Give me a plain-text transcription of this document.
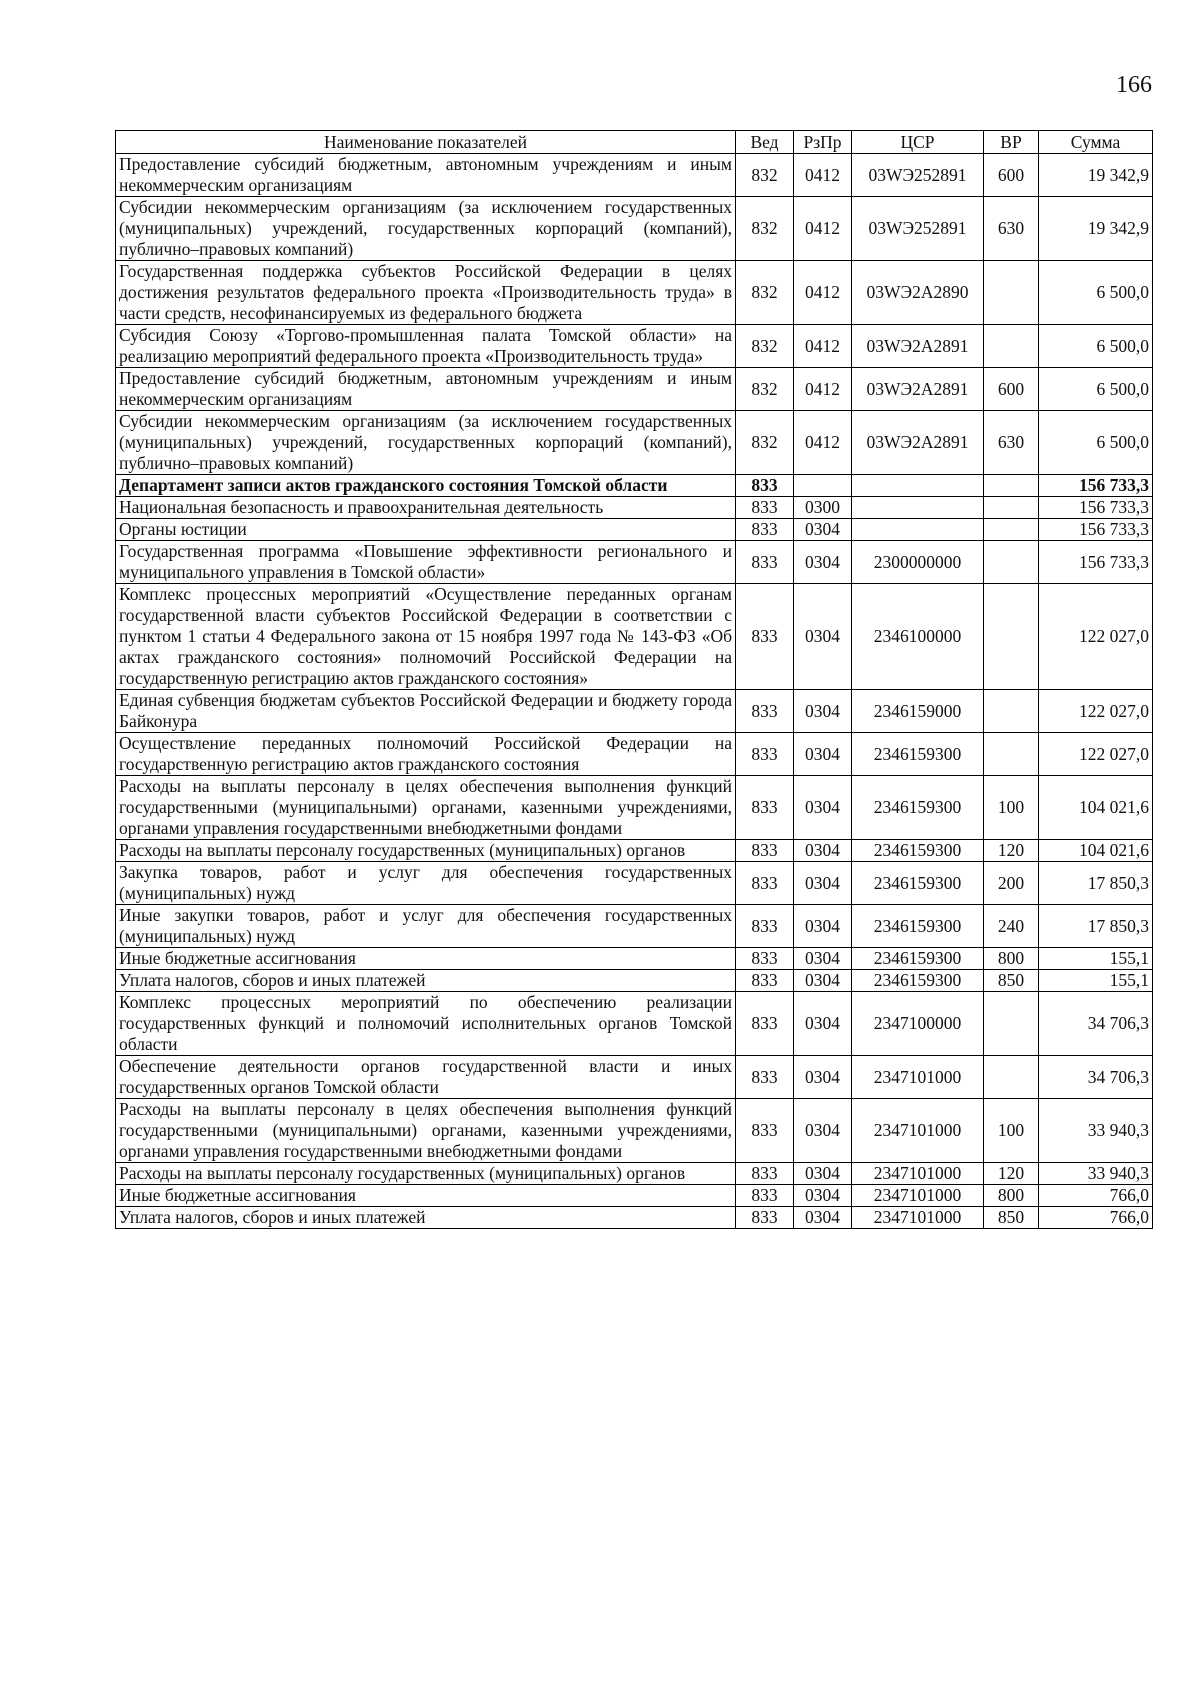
166
Наименование показателей	Вед	РзПр	ЦСР	ВР	Сумма
Предоставление субсидий бюджетным, автономным учреждениям и иным некоммерческим организациям	832	0412	03WЭ252891	600	19 342,9
Субсидии некоммерческим организациям (за исключением государственных (муниципальных) учреждений, государственных корпораций (компаний), публично–правовых компаний)	832	0412	03WЭ252891	630	19 342,9
Государственная поддержка субъектов Российской Федерации в целях достижения результатов федерального проекта «Производительность труда» в части средств, несофинансируемых из федерального бюджета	832	0412	03WЭ2А2890		6 500,0
Субсидия Союзу «Торгово-промышленная палата Томской области» на реализацию мероприятий федерального проекта «Производительность труда»	832	0412	03WЭ2А2891		6 500,0
Предоставление субсидий бюджетным, автономным учреждениям и иным некоммерческим организациям	832	0412	03WЭ2А2891	600	6 500,0
Субсидии некоммерческим организациям (за исключением государственных (муниципальных) учреждений, государственных корпораций (компаний), публично–правовых компаний)	832	0412	03WЭ2А2891	630	6 500,0
Департамент записи актов гражданского состояния Томской области	833				156 733,3
Национальная безопасность и правоохранительная деятельность	833	0300			156 733,3
Органы юстиции	833	0304			156 733,3
Государственная программа «Повышение эффективности регионального и муниципального управления в Томской области»	833	0304	2300000000		156 733,3
Комплекс процессных мероприятий «Осуществление переданных органам государственной власти субъектов Российской Федерации в соответствии с пунктом 1 статьи 4 Федерального закона от 15 ноября 1997 года № 143-ФЗ «Об актах гражданского состояния» полномочий Российской Федерации на государственную регистрацию актов гражданского состояния»	833	0304	2346100000		122 027,0
Единая субвенция бюджетам субъектов Российской Федерации и бюджету города Байконура	833	0304	2346159000		122 027,0
Осуществление переданных полномочий Российской Федерации на государственную регистрацию актов гражданского состояния	833	0304	2346159300		122 027,0
Расходы на выплаты персоналу в целях обеспечения выполнения функций государственными (муниципальными) органами, казенными учреждениями, органами управления государственными внебюджетными фондами	833	0304	2346159300	100	104 021,6
Расходы на выплаты персоналу государственных (муниципальных) органов	833	0304	2346159300	120	104 021,6
Закупка товаров, работ и услуг для обеспечения государственных (муниципальных) нужд	833	0304	2346159300	200	17 850,3
Иные закупки товаров, работ и услуг для обеспечения государственных (муниципальных) нужд	833	0304	2346159300	240	17 850,3
Иные бюджетные ассигнования	833	0304	2346159300	800	155,1
Уплата налогов, сборов и иных платежей	833	0304	2346159300	850	155,1
Комплекс процессных мероприятий по обеспечению реализации государственных функций и полномочий исполнительных органов Томской области	833	0304	2347100000		34 706,3
Обеспечение деятельности органов государственной власти и иных государственных органов Томской области	833	0304	2347101000		34 706,3
Расходы на выплаты персоналу в целях обеспечения выполнения функций государственными (муниципальными) органами, казенными учреждениями, органами управления государственными внебюджетными фондами	833	0304	2347101000	100	33 940,3
Расходы на выплаты персоналу государственных (муниципальных) органов	833	0304	2347101000	120	33 940,3
Иные бюджетные ассигнования	833	0304	2347101000	800	766,0
Уплата налогов, сборов и иных платежей	833	0304	2347101000	850	766,0
